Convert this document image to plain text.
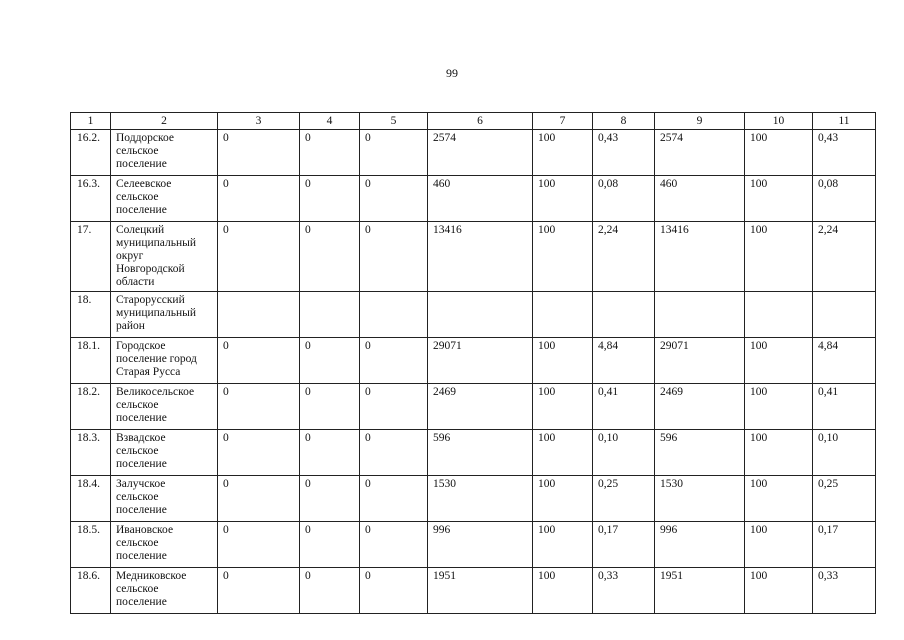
99
1	2	3	4	5	6	7	8	9	10	11
16.2.	Поддорское
сельское
поселение	0	0	0	2574	100	0,43	2574	100	0,43
16.3.	Селеевское
сельское
поселение	0	0	0	460	100	0,08	460	100	0,08
17.	Солецкий
муниципальный
округ
Новгородской
области	0	0	0	13416	100	2,24	13416	100	2,24
18.	Старорусский
муниципальный
район									

18.1.	Городское
поселение город
Старая Русса	0	0	0	29071	100	4,84	29071	100	4,84
18.2.	Великосельское
сельское
поселение	0	0	0	2469	100	0,41	2469	100	0,41
18.3.	Взвадское
сельское
поселение	0	0	0	596	100	0,10	596	100	0,10
18.4.	Залучское
сельское
поселение	0	0	0	1530	100	0,25	1530	100	0,25
18.5.	Ивановское
сельское
поселение	0	0	0	996	100	0,17	996	100	0,17
18.6.	Медниковское
сельское
поселение	0	0	0	1951	100	0,33	1951	100	0,33
